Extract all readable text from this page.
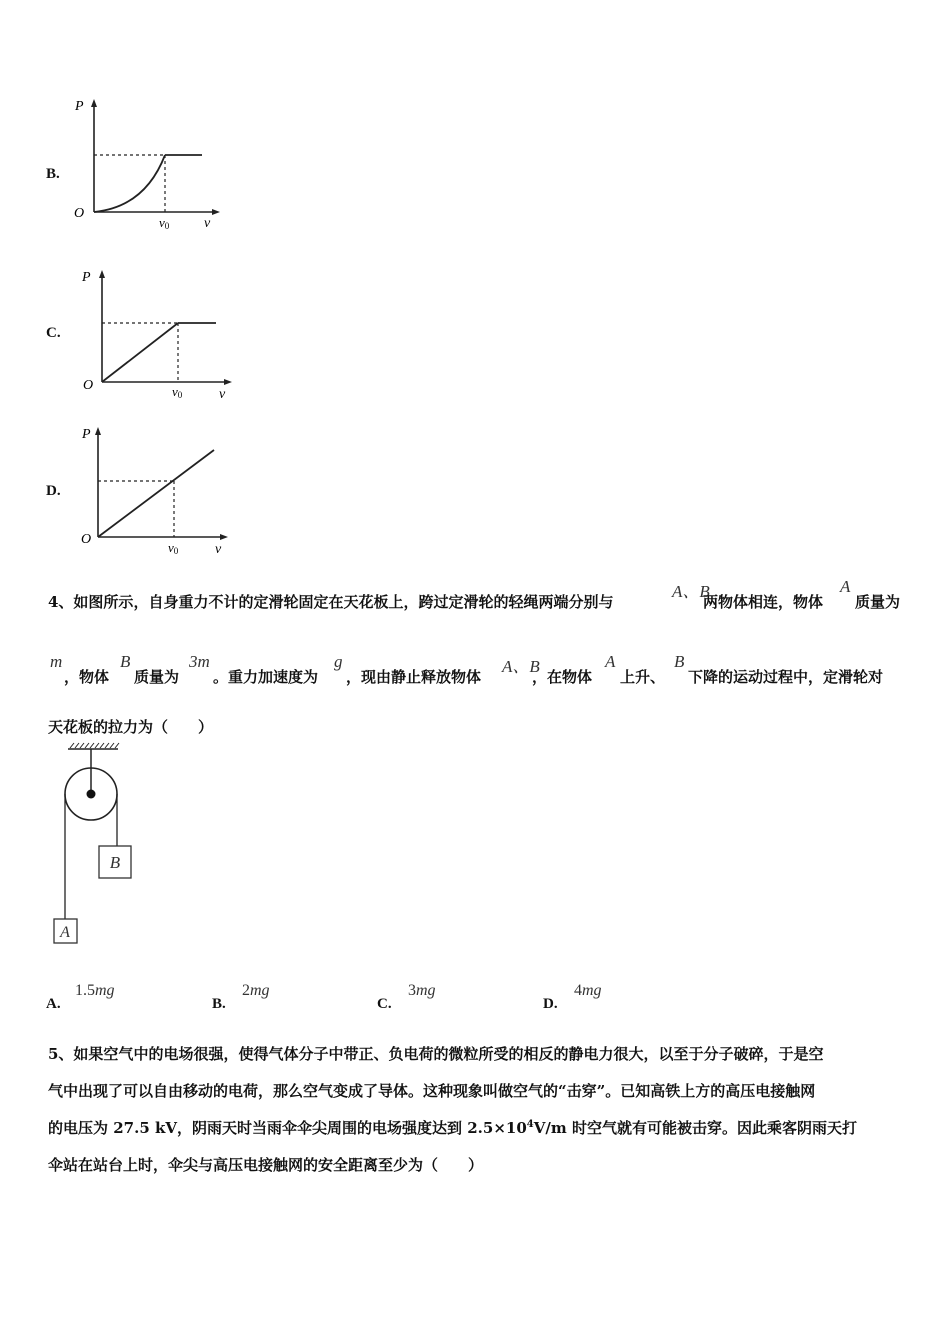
B.
P
O
v0 v
C.
P
O	v0	v
D.
P
O
v0	v
4、如图所示，自身重力不计的定滑轮固定在天花板上，跨过定滑轮的轻绳两端分别与
A、B
两物体相连，物体
A
质量为
m
，物体
B
质量为
3m
。重力加速度为
g
，现由静止释放物体
A、B
，在物体
A
上升、
B
下降的运动过程中，定滑轮对
天花板的拉力为（　　）
B
A
A.
1.5mg
B.
2mg
C.
3mg
D.
4mg
5、如果空气中的电场很强，使得气体分子中带正、负电荷的微粒所受的相反的静电力很大，以至于分子破碎，于是空
气中出现了可以自由移动的电荷，那么空气变成了导体。这种现象叫做空气的“击穿”。已知高铁上方的高压电接触网
的电压为 27.5 kV，阴雨天时当雨伞伞尖周围的电场强度达到 $2.5\times 10^4V/m$ 时空气就有可能被击穿。因此乘客阴雨天打
伞站在站台上时，伞尖与高压电接触网的安全距离至少为（　　）
